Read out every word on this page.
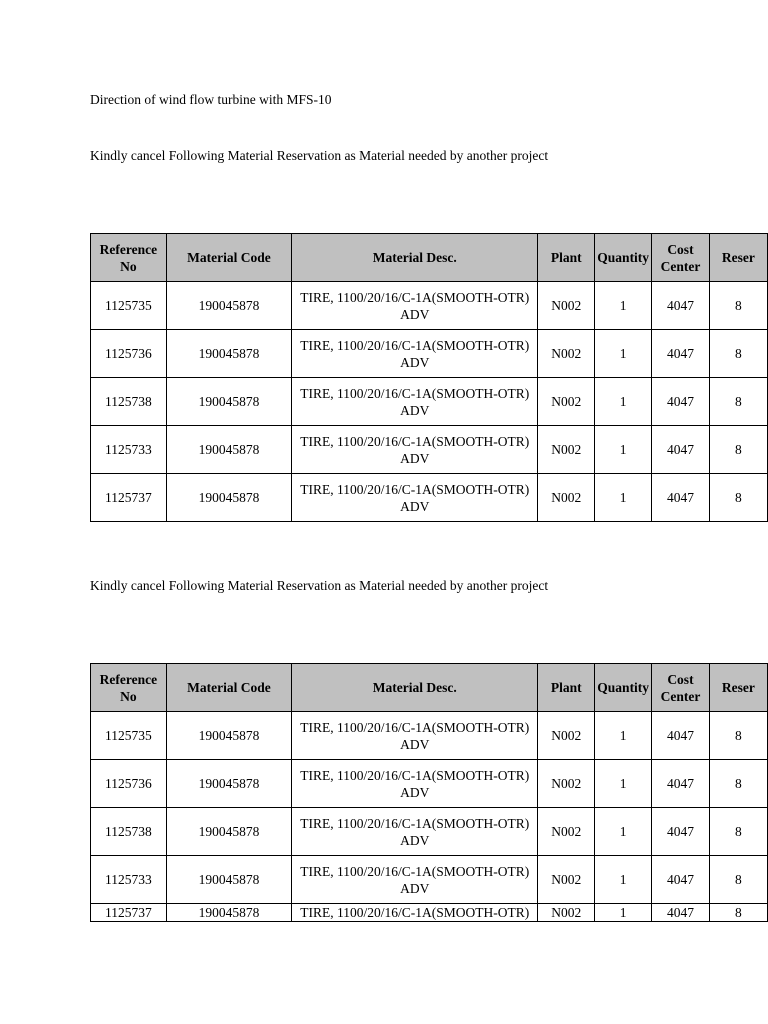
Direction of wind flow turbine with MFS-10
Kindly cancel Following Material Reservation as Material needed by another project
Reference No	Material Code	Material Desc.	Plant	Quantity	Cost Center	Reser
1125735	190045878	TIRE, 1100/20/16/C-1A(SMOOTH-OTR) ADV	N002	1	4047	8
1125736	190045878	TIRE, 1100/20/16/C-1A(SMOOTH-OTR) ADV	N002	1	4047	8
1125738	190045878	TIRE, 1100/20/16/C-1A(SMOOTH-OTR) ADV	N002	1	4047	8
1125733	190045878	TIRE, 1100/20/16/C-1A(SMOOTH-OTR) ADV	N002	1	4047	8
1125737	190045878	TIRE, 1100/20/16/C-1A(SMOOTH-OTR) ADV	N002	1	4047	8
Kindly cancel Following Material Reservation as Material needed by another project
Reference No	Material Code	Material Desc.	Plant	Quantity	Cost Center	Reser
1125735	190045878	TIRE, 1100/20/16/C-1A(SMOOTH-OTR) ADV	N002	1	4047	8
1125736	190045878	TIRE, 1100/20/16/C-1A(SMOOTH-OTR) ADV	N002	1	4047	8
1125738	190045878	TIRE, 1100/20/16/C-1A(SMOOTH-OTR) ADV	N002	1	4047	8
1125733	190045878	TIRE, 1100/20/16/C-1A(SMOOTH-OTR) ADV	N002	1	4047	8
1125737	190045878	TIRE, 1100/20/16/C-1A(SMOOTH-OTR)	N002	1	4047	8
